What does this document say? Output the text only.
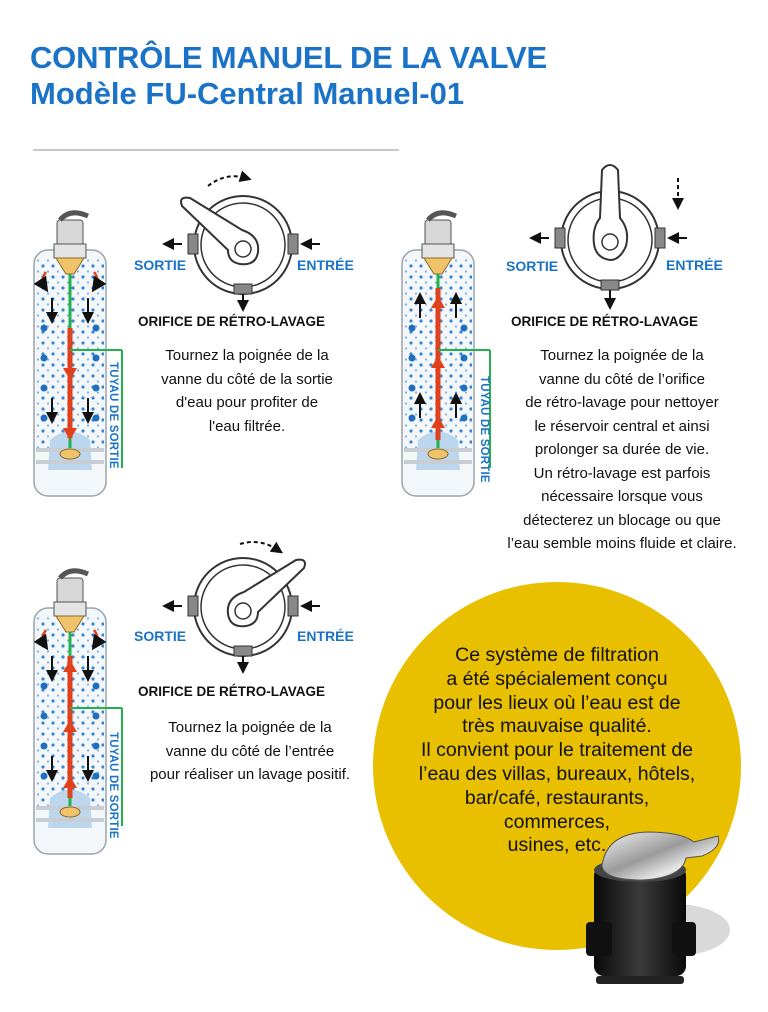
CONTRÔLE MANUEL DE LA VALVE
Modèle FU-Central Manuel-01
TUYAU DE SORTIE
SORTIE	ENTRÉE
ORIFICE DE RÉTRO-LAVAGE
Tournez la poignée de la
vanne du côté de la sortie
d'eau pour profiter de
l'eau filtrée.	TUYAU DE SORTIE
SORTIE	ENTRÉE
ORIFICE DE RÉTRO-LAVAGE
Tournez la poignée de la
vanne du côté de l’orifice
de rétro-lavage pour nettoyer
le réservoir central et ainsi
prolonger sa durée de vie.
Un rétro-lavage est parfois
nécessaire lorsque vous
détecterez un blocage ou que
l’eau semble moins fluide et claire.
TUYAU DE SORTIE
SORTIE	ENTRÉE
ORIFICE DE RÉTRO-LAVAGE
Tournez la poignée de la
vanne du côté de l’entrée
pour réaliser un lavage positif.
Ce système de filtration
a été spécialement conçu
pour les lieux où l’eau est de
très mauvaise qualité.
Il convient pour le traitement de
l’eau des villas, bureaux, hôtels,
bar/café, restaurants,
commerces,
usines, etc.
